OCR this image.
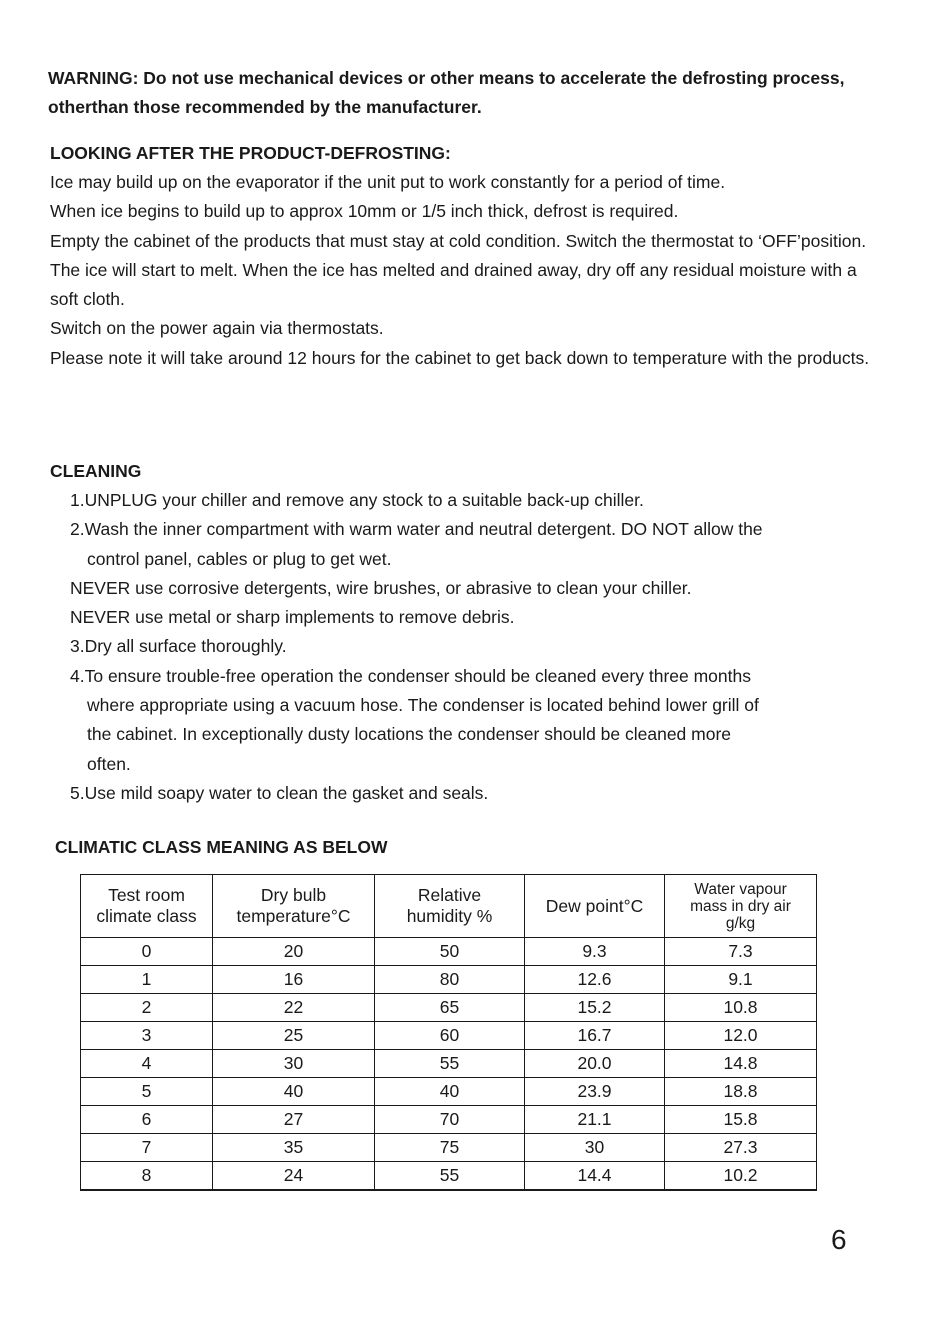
WARNING: Do not use mechanical devices or other means to accelerate the defrosting process, otherthan those recommended by the manufacturer.
LOOKING AFTER THE PRODUCT-DEFROSTING:

Ice may build up on the evaporator if the unit put to work constantly for a period of time.

When ice begins to build up to approx 10mm or 1/5 inch thick, defrost is required.

Empty the cabinet of the products that must stay at cold condition. Switch the thermostat to ‘OFF’position.

The ice will start to melt. When the ice has melted and drained away, dry off any residual moisture with a soft cloth.

Switch on the power again via thermostats.

Please note it will take around 12 hours for the cabinet to get back down to temperature with the products.

CLEANING

1.UNPLUG your chiller and remove any stock to a suitable back-up chiller.

2.Wash the inner compartment with warm water and neutral detergent. DO NOT allow the

control panel, cables or plug to get wet.

NEVER use corrosive detergents, wire brushes, or abrasive to clean your chiller.

NEVER use metal or sharp implements to remove debris.

3.Dry all surface thoroughly.

4.To ensure trouble-free operation the condenser should be cleaned every three months

where appropriate using a vacuum hose. The condenser is located behind lower grill of

the cabinet. In exceptionally dusty locations the condenser should be cleaned more

often.

5.Use mild soapy water to clean the gasket and seals.

CLIMATIC CLASS MEANING AS BELOW
Test room
climate class	Dry bulb
temperature°C	Relative
humidity %	Dew point°C	Water vapour
mass in dry air
g/kg
0	20	50	9.3	7.3
1	16	80	12.6	9.1
2	22	65	15.2	10.8
3	25	60	16.7	12.0
4	30	55	20.0	14.8
5	40	40	23.9	18.8
6	27	70	21.1	15.8
7	35	75	30	27.3
8	24	55	14.4	10.2
6
